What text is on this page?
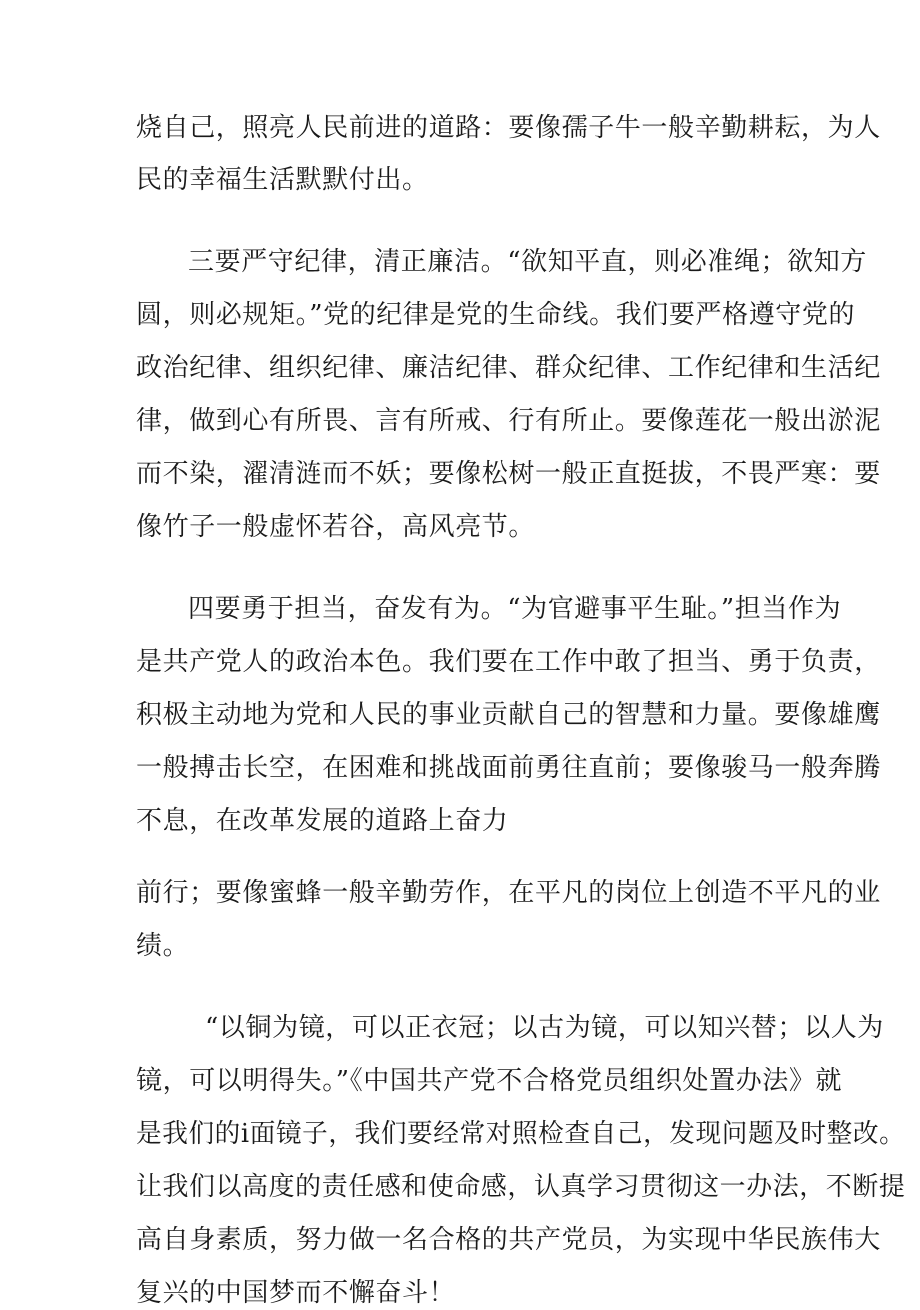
烧自己，照亮人民前进的道路：要像孺子牛一般辛勤耕耘，为人

民的幸福生活默默付出。

三要严守纪律，清正廉洁。“欲知平直，则必准绳；欲知方

圆，则必规矩。”党的纪律是党的生命线。我们要严格遵守党的

政治纪律、组织纪律、廉洁纪律、群众纪律、工作纪律和生活纪

律，做到心有所畏、言有所戒、行有所止。要像莲花一般出淤泥

而不染，濯清涟而不妖；要像松树一般正直挺拔，不畏严寒：要

像竹子一般虚怀若谷，高风亮节。

四要勇于担当，奋发有为。“为官避事平生耻。”担当作为

是共产党人的政治本色。我们要在工作中敢了担当、勇于负责，

积极主动地为党和人民的事业贡献自己的智慧和力量。要像雄鹰

一般搏击长空，在困难和挑战面前勇往直前；要像骏马一般奔腾

不息，在改革发展的道路上奋力

前行；要像蜜蜂一般辛勤劳作，在平凡的岗位上创造不平凡的业

绩。

“以铜为镜，可以正衣冠；以古为镜，可以知兴替；以人为

镜，可以明得失。”《中国共产党不合格党员组织处置办法》就

是我们的i面镜子，我们要经常对照检查自己，发现问题及时整改。

让我们以高度的责任感和使命感，认真学习贯彻这一办法，不断提

高自身素质，努力做一名合格的共产党员，为实现中华民族伟大

复兴的中国梦而不懈奋斗！
